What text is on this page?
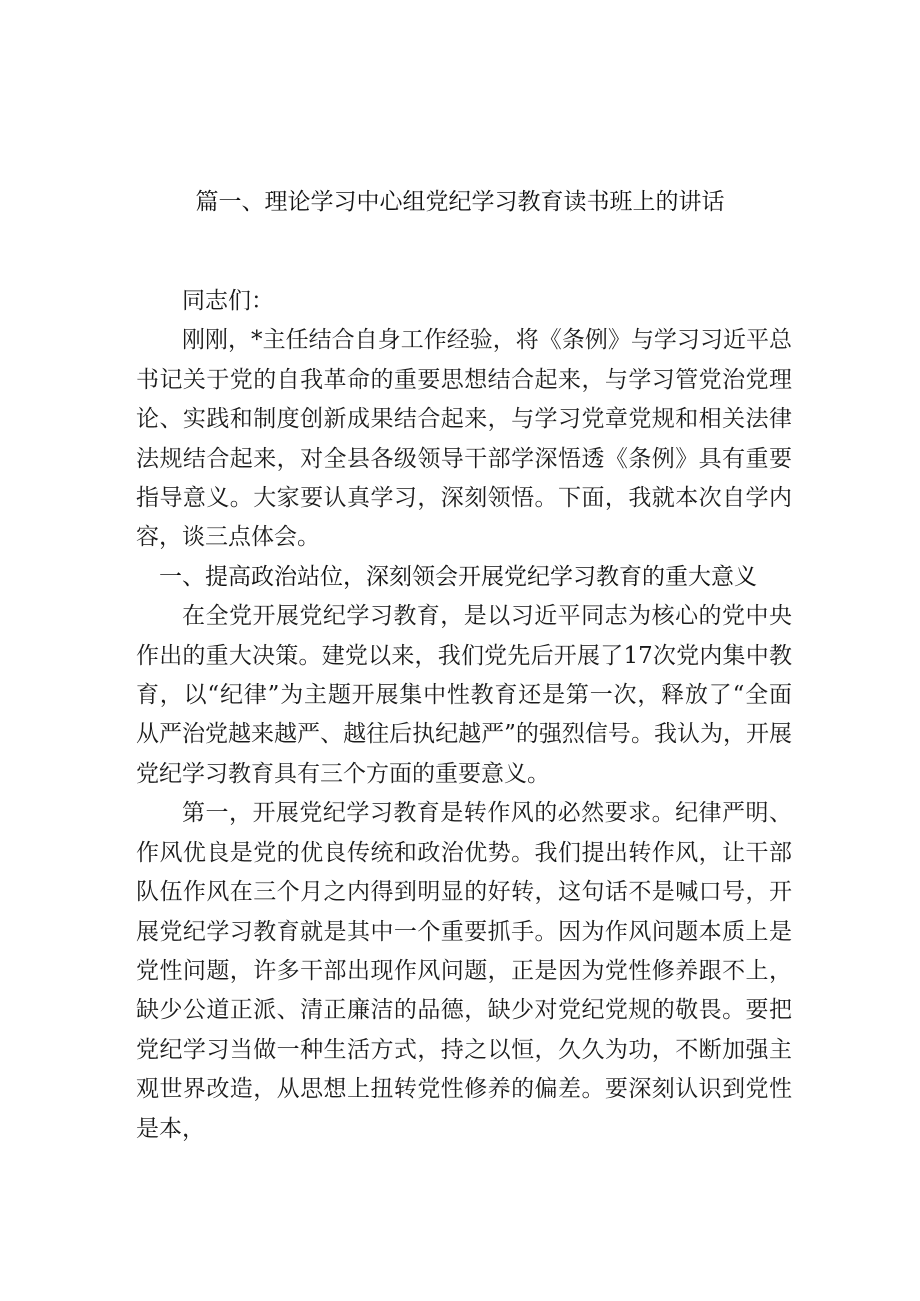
篇一、理论学习中心组党纪学习教育读书班上的讲话

同志们：

刚刚，*主任结合自身工作经验，将《条例》与学习习近平总书记关于党的自我革命的重要思想结合起来，与学习管党治党理论、实践和制度创新成果结合起来，与学习党章党规和相关法律法规结合起来，对全县各级领导干部学深悟透《条例》具有重要指导意义。大家要认真学习，深刻领悟。下面，我就本次自学内容，谈三点体会。

一、提高政治站位，深刻领会开展党纪学习教育的重大意义

在全党开展党纪学习教育，是以习近平同志为核心的党中央作出的重大决策。建党以来，我们党先后开展了17次党内集中教育，以“纪律”为主题开展集中性教育还是第一次，释放了“全面从严治党越来越严、越往后执纪越严”的强烈信号。我认为，开展党纪学习教育具有三个方面的重要意义。

第一，开展党纪学习教育是转作风的必然要求。纪律严明、作风优良是党的优良传统和政治优势。我们提出转作风，让干部队伍作风在三个月之内得到明显的好转，这句话不是喊口号，开展党纪学习教育就是其中一个重要抓手。因为作风问题本质上是党性问题，许多干部出现作风问题，正是因为党性修养跟不上，缺少公道正派、清正廉洁的品德，缺少对党纪党规的敬畏。要把党纪学习当做一种生活方式，持之以恒，久久为功，不断加强主观世界改造，从思想上扭转党性修养的偏差。要深刻认识到党性是本，
